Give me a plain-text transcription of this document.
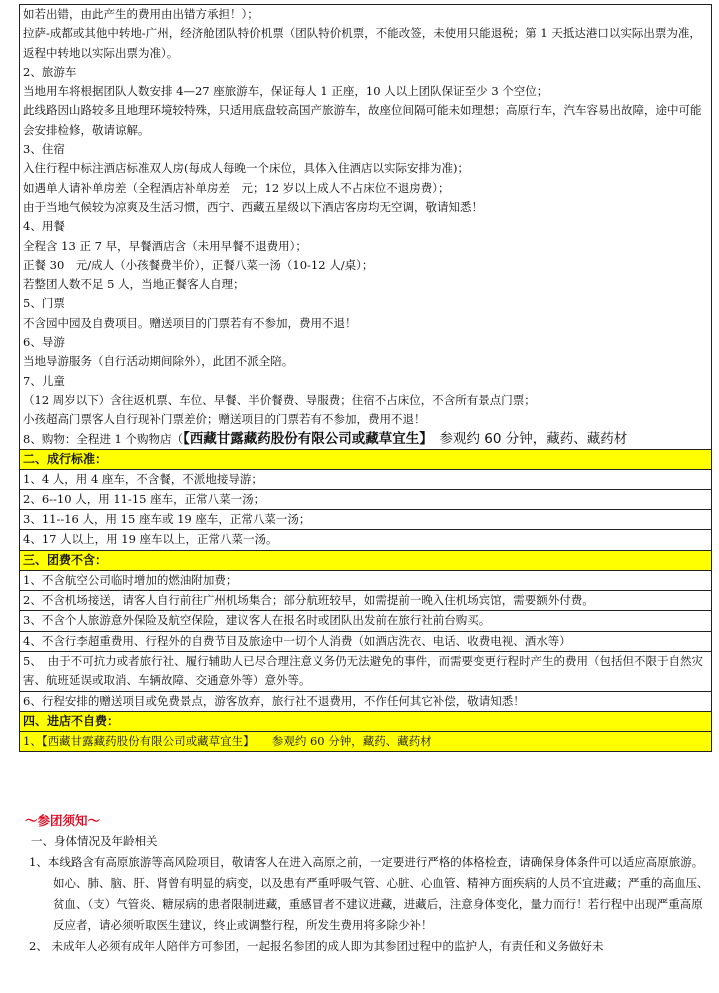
如若出错，由此产生的费用由出错方承担！）；
拉萨-成都或其他中转地-广州，经济舱团队特价机票（团队特价机票，不能改签，未使用只能退税；第 1 天抵达港口以实际出票为准，返程中转地以实际出票为准）。
2、旅游车
当地用车将根据团队人数安排 4—27 座旅游车，保证每人 1 正座，10 人以上团队保证至少 3 个空位；
此线路因山路较多且地理环境较特殊，只适用底盘较高国产旅游车，故座位间隔可能未如理想；高原行车，汽车容易出故障，途中可能会安排检修，敬请谅解。
3、住宿
入住行程中标注酒店标准双人房(每成人每晚一个床位，具体入住酒店以实际安排为准)；
如遇单人请补单房差（全程酒店补单房差　元；12 岁以上成人不占床位不退房费）；
由于当地气候较为凉爽及生活习惯，西宁、西藏五星级以下酒店客房均无空调，敬请知悉！
4、用餐
全程含 13 正 7 早，早餐酒店含（未用早餐不退费用）；
正餐 30　元/成人（小孩餐费半价），正餐八菜一汤（10-12 人/桌）；
若整团人数不足 5 人，当地正餐客人自理；
5、门票
不含园中园及自费项目。赠送项目的门票若有不参加，费用不退！
6、导游
当地导游服务（自行活动期间除外），此团不派全陪。
7、儿童
（12 周岁以下）含往返机票、车位、早餐、半价餐费、导服费；住宿不占床位，不含所有景点门票；
小孩超高门票客人自行现补门票差价；赠送项目的门票若有不参加，费用不退！
8、购物：全程进 1 个购物店（【西藏甘露藏药股份有限公司或藏草宜生】　参观约 60 分钟，藏药、藏药材

二、成行标准：

1、4 人，用 4 座车，不含餐，不派地接导游；
2、6--10 人，用 11-15 座车，正常八菜一汤；
3、11--16 人，用 15 座车或 19 座车，正常八菜一汤；
4、17 人以上，用 19 座车以上，正常八菜一汤。

三、团费不含：

1、不含航空公司临时增加的燃油附加费；
2、不含机场接送，请客人自行前往广州机场集合；部分航班较早，如需提前一晚入住机场宾馆，需要额外付费。
3、不含个人旅游意外保险及航空保险，建议客人在报名时或团队出发前在旅行社前台购买。
4、不含行李超重费用、行程外的自费节目及旅途中一切个人消费（如酒店洗衣、电话、收费电视、酒水等）
5、　由于不可抗力或者旅行社、履行辅助人已尽合理注意义务仍无法避免的事件，而需要变更行程时产生的费用（包括但不限于自然灾害、航班延误或取消、车辆故障、交通意外等）意外等。
6、行程安排的赠送项目或免费景点，游客放弃，旅行社不退费用，不作任何其它补偿，敬请知悉！

四、进店不自费：

1、【西藏甘露藏药股份有限公司或藏草宜生】　　参观约 60 分钟，藏药、藏药材
～参团须知～
一、身体情况及年龄相关
1、本线路含有高原旅游等高风险项目，敬请客人在进入高原之前，一定要进行严格的体格检查，请确保身体条件可以适应高原旅游。如心、肺、脑、肝、肾曾有明显的病变，以及患有严重呼吸气管、心脏、心血管、精神方面疾病的人员不宜进藏；严重的高血压、贫血、（支）气管炎、糖尿病的患者限制进藏，重感冒者不建议进藏，进藏后，注意身体变化，量力而行！若行程中出现严重高原反应者，请必须听取医生建议，终止或调整行程，所发生费用将多除少补！
2、 未成年人必须有成年人陪伴方可参团，一起报名参团的成人即为其参团过程中的监护人，有责任和义务做好未
